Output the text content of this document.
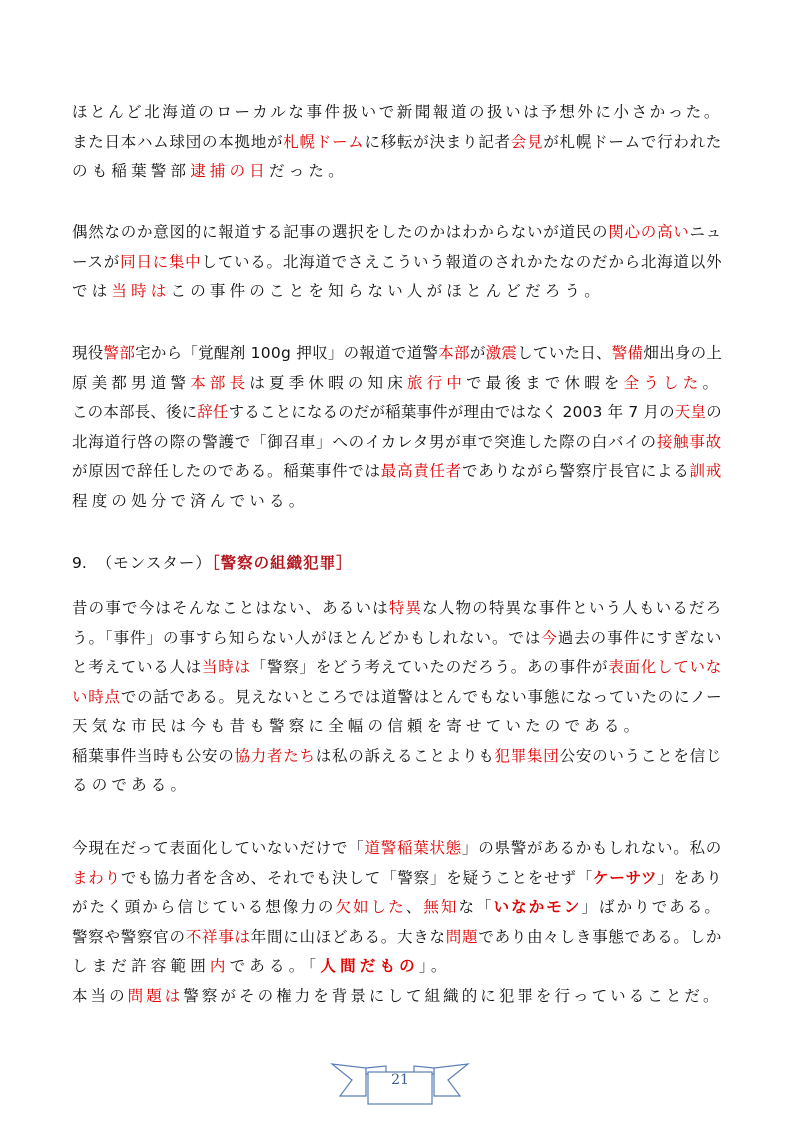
ほとんど北海道のローカルな事件扱いで新聞報道の扱いは予想外に小さかった。
また日本ハム球団の本拠地が札幌ドームに移転が決まり記者会見が札幌ドームで行われた
のも稲葉警部逮捕の日だった。
偶然なのか意図的に報道する記事の選択をしたのかはわからないが道民の関心の高いニュ
ースが同日に集中している。北海道でさえこういう報道のされかたなのだから北海道以外
では当時はこの事件のことを知らない人がほとんどだろう。
現役警部宅から「覚醒剤 100g 押収」の報道で道警本部が激震していた日、警備畑出身の上
原美都男道警本部長は夏季休暇の知床旅行中で最後まで休暇を全うした。
この本部長、後に辞任することになるのだが稲葉事件が理由ではなく 2003 年 7 月の天皇の
北海道行啓の際の警護で「御召車」へのイカレタ男が車で突進した際の白バイの接触事故
が原因で辞任したのである。稲葉事件では最高責任者でありながら警察庁長官による訓戒
程度の処分で済んでいる。
昔の事で今はそんなことはない、あるいは特異な人物の特異な事件という人もいるだろ
う。「事件」の事すら知らない人がほとんどかもしれない。では今過去の事件にすぎない
と考えている人は当時は「警察」をどう考えていたのだろう。あの事件が表面化していな
い時点での話である。見えないところでは道警はとんでもない事態になっていたのにノー
天気な市民は今も昔も警察に全幅の信頼を寄せていたのである。
稲葉事件当時も公安の協力者たちは私の訴えることよりも犯罪集団公安のいうことを信じ
るのである。
今現在だって表面化していないだけで「道警稲葉状態」の県警があるかもしれない。私の
まわりでも協力者を含め、それでも決して「警察」を疑うことをせず「ケーサツ」をあり
がたく頭から信じている想像力の欠如した、無知な「いなかモン」ばかりである。
警察や警察官の不祥事は年間に山ほどある。大きな問題であり由々しき事態である。しか
しまだ許容範囲内である。「人間だもの」。
本当の問題は警察がその権力を背景にして組織的に犯罪を行っていることだ。
9. （モンスター）［警察の組織犯罪］
21
